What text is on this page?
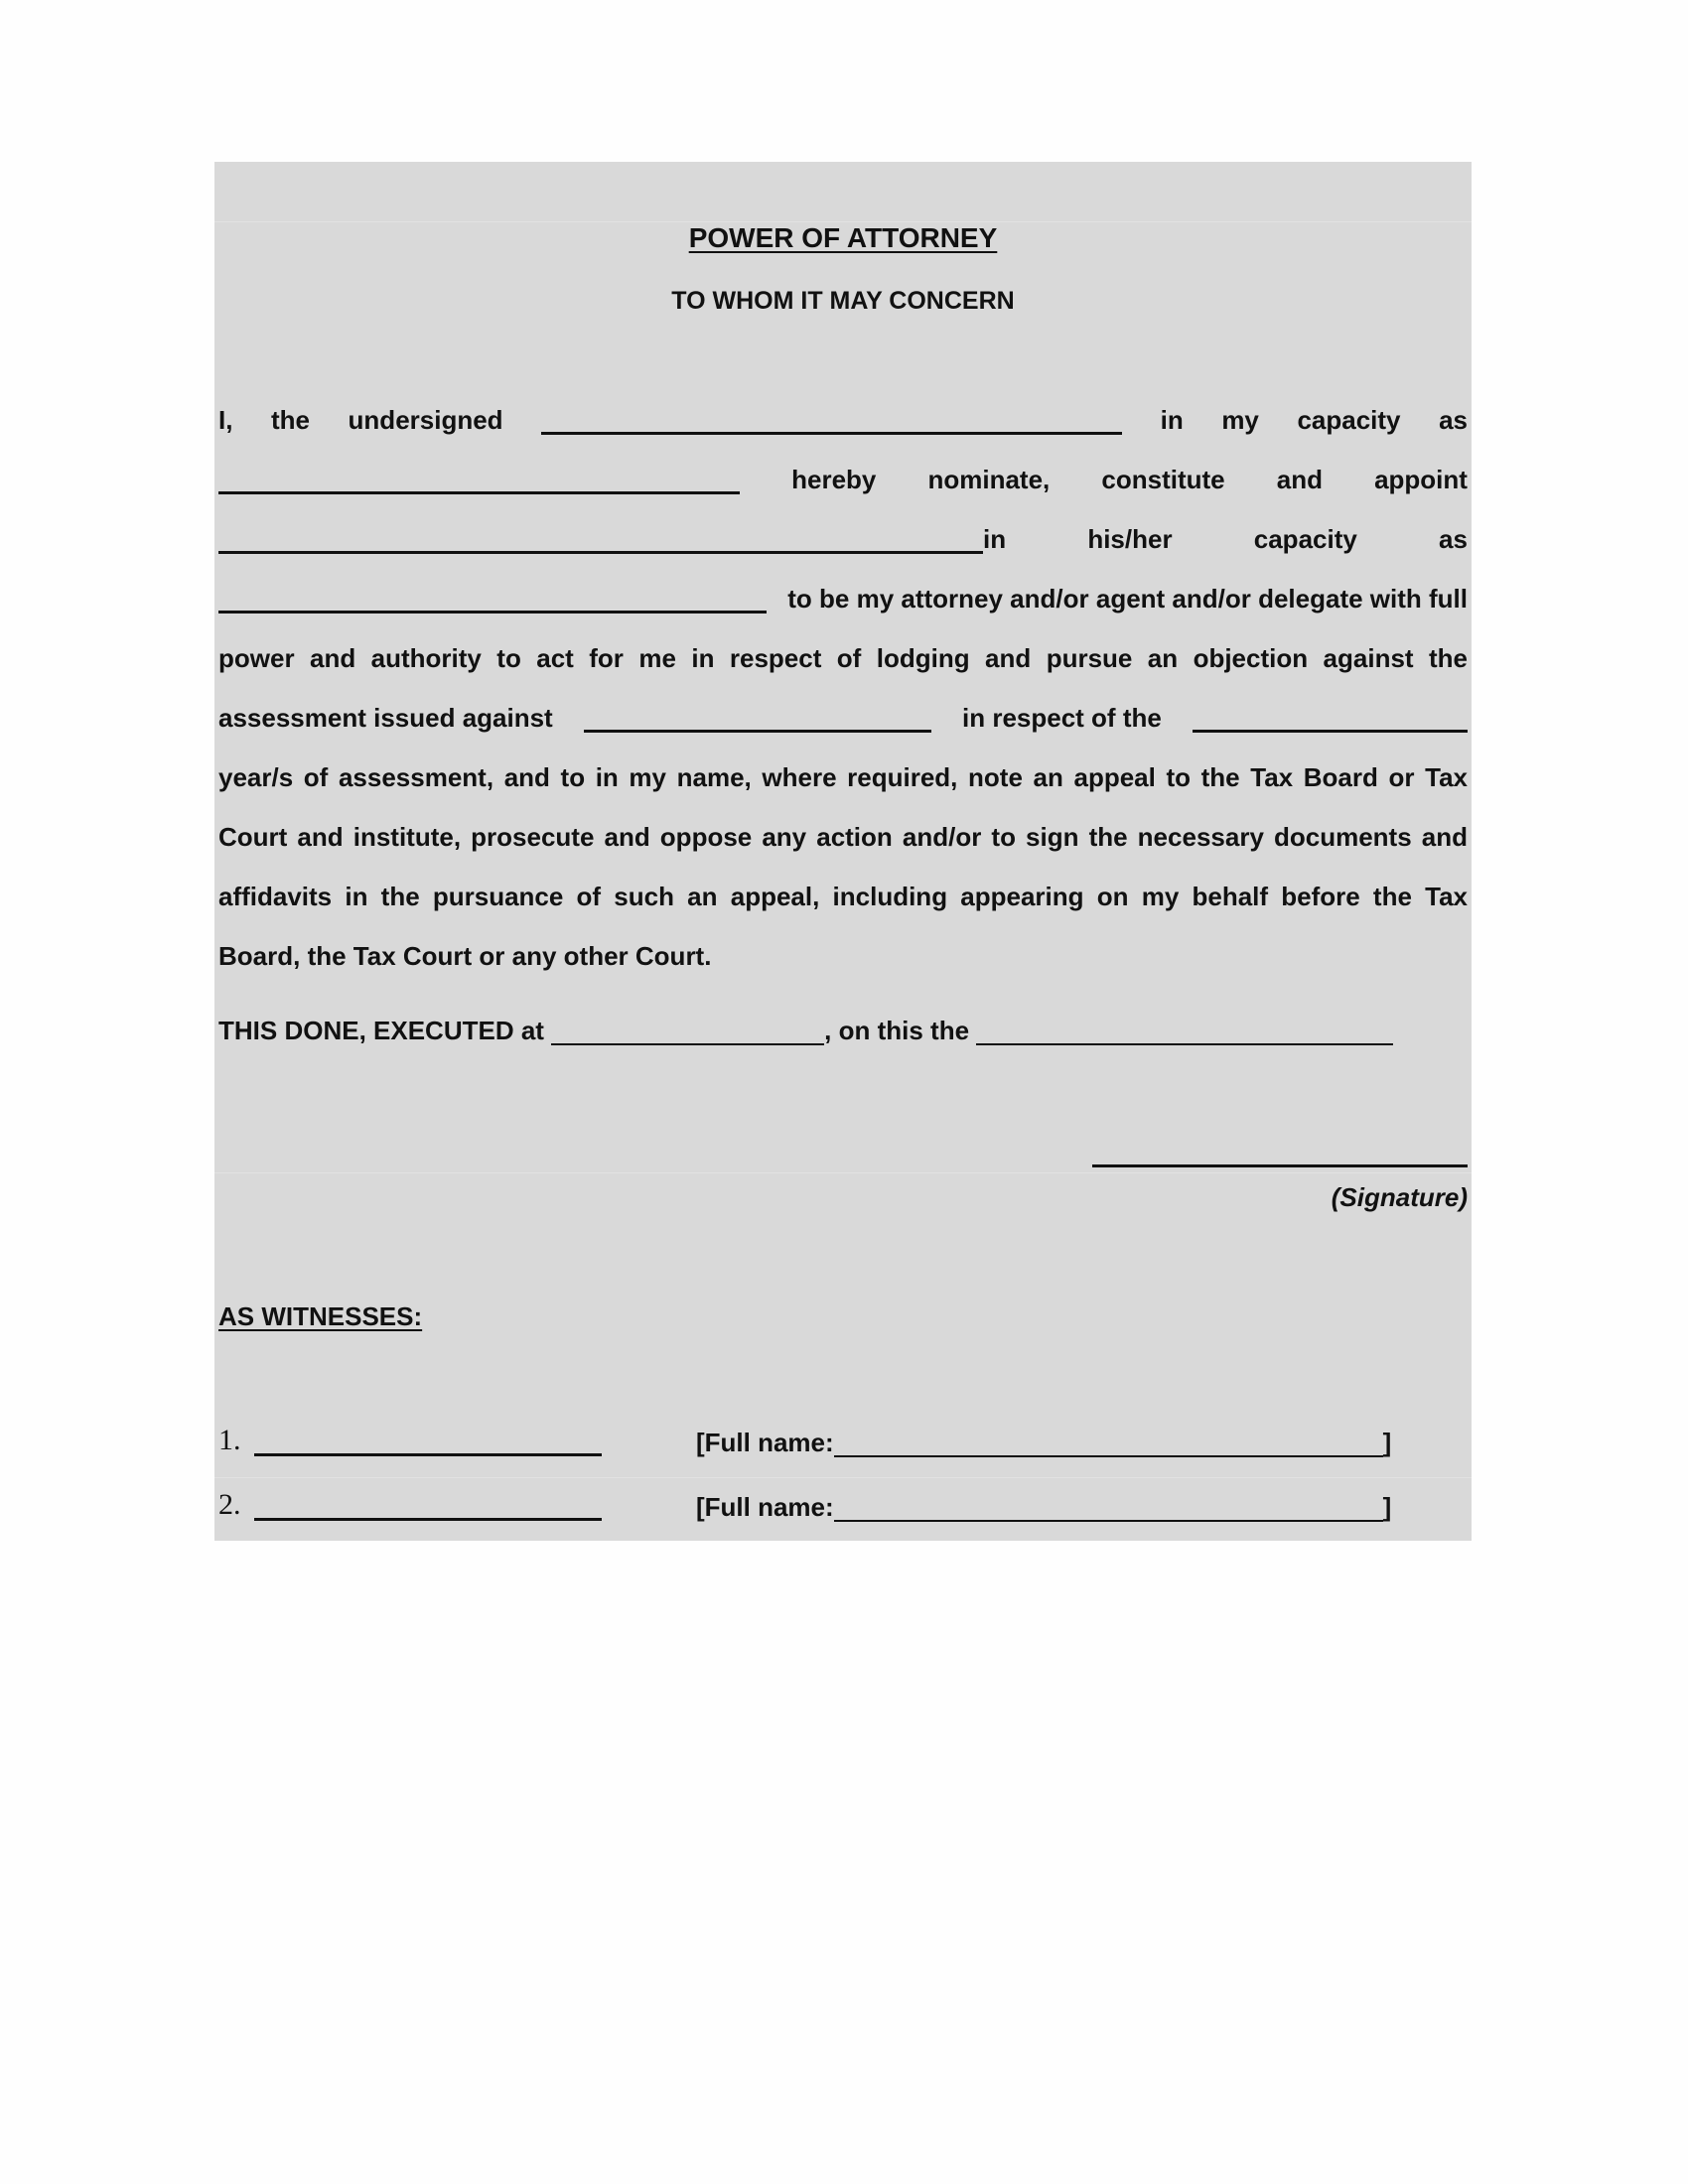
POWER OF ATTORNEY
TO WHOM IT MAY CONCERN
I, the undersigned	in my capacity as
hereby nominate, constitute and appoint
in	his/her	capacity	as
to be my attorney and/or agent and/or delegate with full
power and authority to act for me in respect of lodging and pursue an objection against the
assessment issued against	in respect of the
year/s of assessment, and to in my name, where required, note an appeal to the Tax Board or Tax
Court and institute, prosecute and oppose any action and/or to sign the necessary documents and
affidavits in the pursuance of such an appeal, including appearing on my behalf before the Tax
Board, the Tax Court or any other Court.
THIS DONE, EXECUTED at	, on this the
(Signature)
AS WITNESSES:
1.	[Full name:	]
2.	[Full name:	]
